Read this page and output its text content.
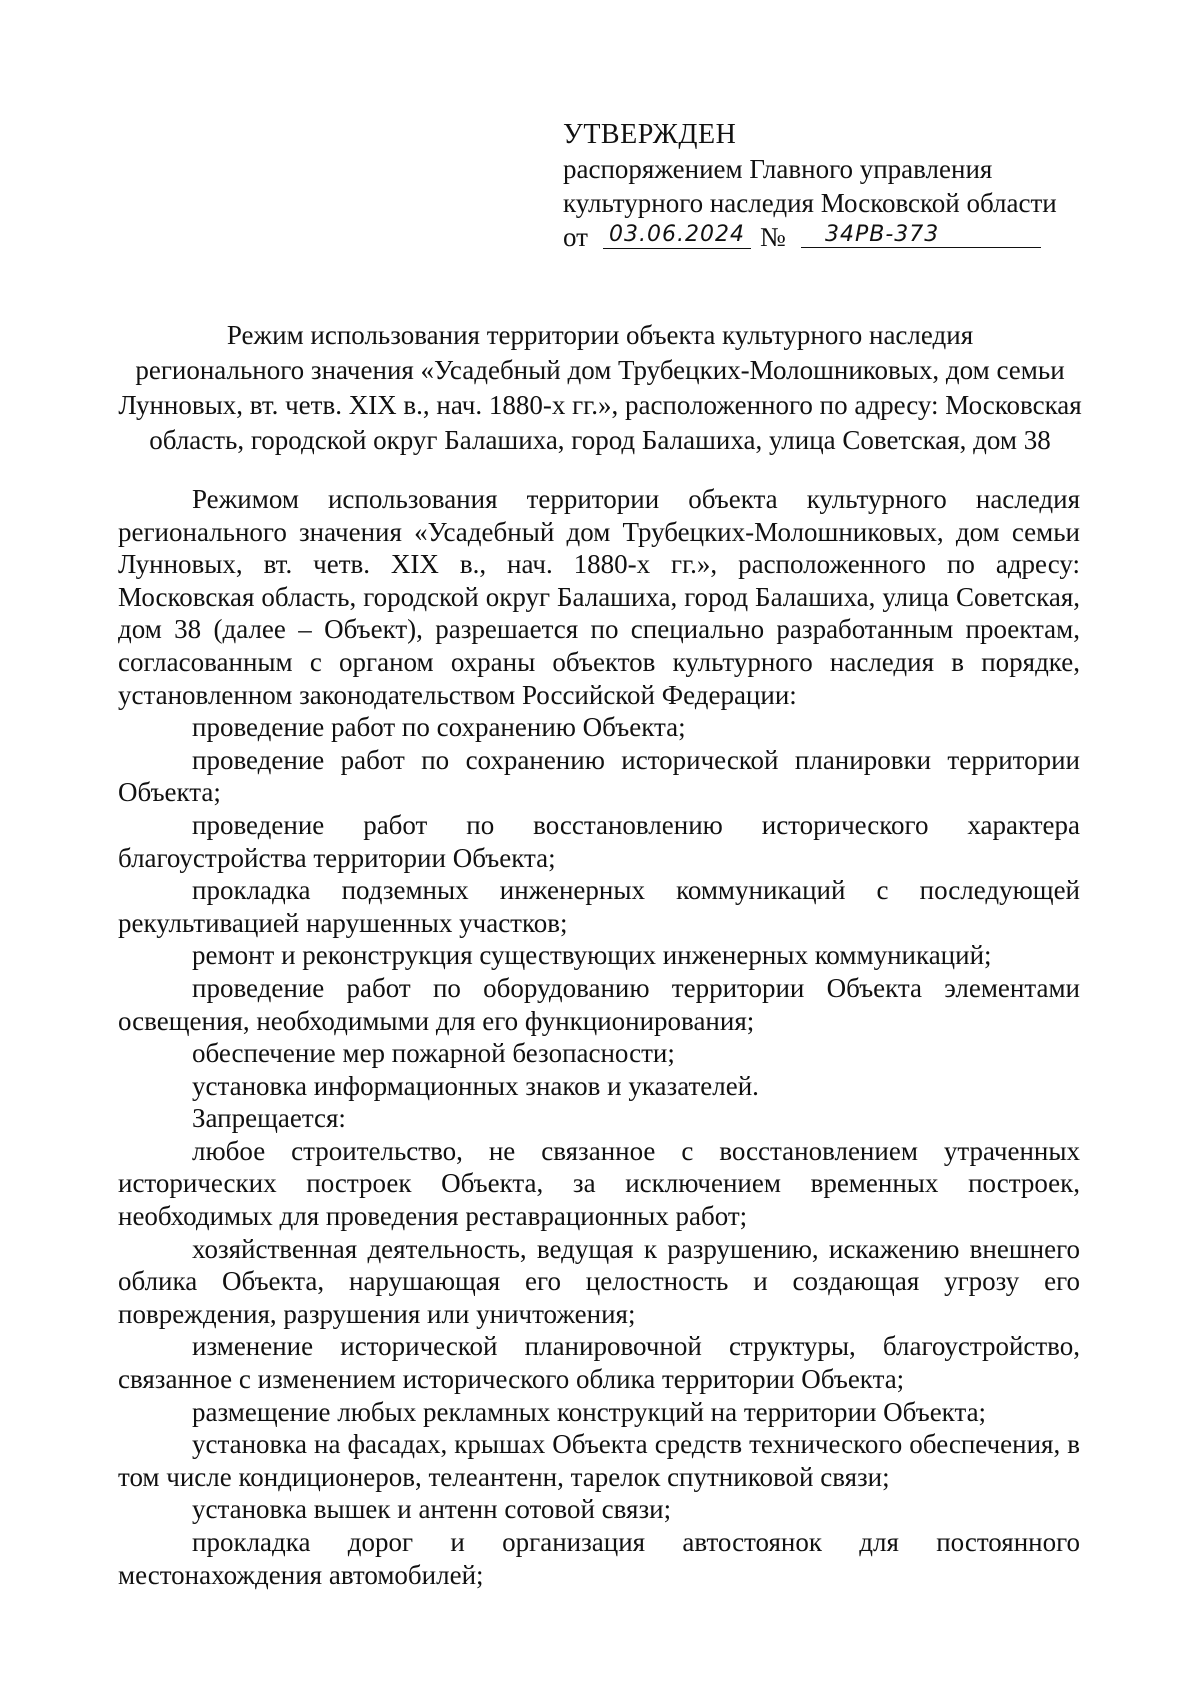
УТВЕРЖДЕН
распоряжением Главного управления
культурного наследия Московской области
от 03.06.2024 №	34РВ-373
Режим использования территории объекта культурного наследия
регионального значения «Усадебный дом Трубецких-Молошниковых, дом семьи
Лунновых, вт. четв. XIX в., нач. 1880-х гг.», расположенного по адресу: Московская
область, городской округ Балашиха, город Балашиха, улица Советская, дом 38

Режимом использования территории объекта культурного наследия регионального значения «Усадебный дом Трубецких-Молошниковых, дом семьи Лунновых, вт. четв. XIX в., нач. 1880-х гг.», расположенного по адресу: Московская область, городской округ Балашиха, город Балашиха, улица Советская, дом 38 (далее – Объект), разрешается по специально разработанным проектам, согласованным с органом охраны объектов культурного наследия в порядке, установленном законодательством Российской Федерации:

проведение работ по сохранению Объекта;

проведение работ по сохранению исторической планировки территории Объекта;

проведение работ по восстановлению исторического характера благоустройства территории Объекта;

прокладка подземных инженерных коммуникаций с последующей рекультивацией нарушенных участков;

ремонт и реконструкция существующих инженерных коммуникаций;

проведение работ по оборудованию территории Объекта элементами освещения, необходимыми для его функционирования;

обеспечение мер пожарной безопасности;

установка информационных знаков и указателей.

Запрещается:

любое строительство, не связанное с восстановлением утраченных исторических построек Объекта, за исключением временных построек, необходимых для проведения реставрационных работ;

хозяйственная деятельность, ведущая к разрушению, искажению внешнего облика Объекта, нарушающая его целостность и создающая угрозу его повреждения, разрушения или уничтожения;

изменение исторической планировочной структуры, благоустройство, связанное с изменением исторического облика территории Объекта;

размещение любых рекламных конструкций на территории Объекта;

установка на фасадах, крышах Объекта средств технического обеспечения, в том числе кондиционеров, телеантенн, тарелок спутниковой связи;

установка вышек и антенн сотовой связи;

прокладка дорог и организация автостоянок для постоянного местонахождения автомобилей;
